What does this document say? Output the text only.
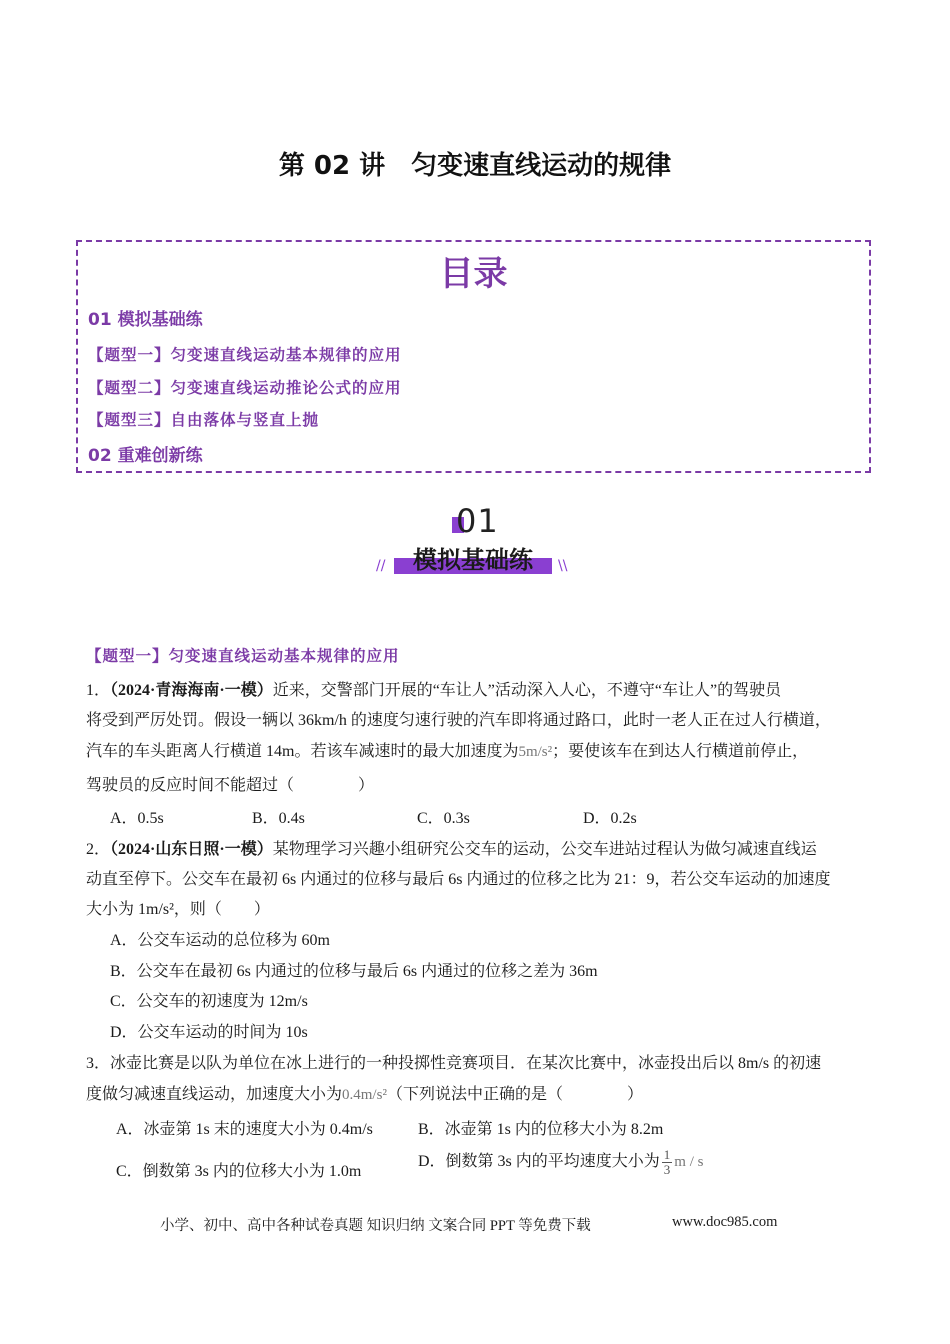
第 02 讲　匀变速直线运动的规律
目录
01 模拟基础练
【题型一】匀变速直线运动基本规律的应用
【题型二】匀变速直线运动推论公式的应用
【题型三】自由落体与竖直上抛
02 重难创新练
01
模拟基础练
//	\\
【题型一】匀变速直线运动基本规律的应用
1．（2024·青海海南·一模）近来，交警部门开展的“车让人”活动深入人心，不遵守“车让人”的驾驶员
将受到严厉处罚。假设一辆以 36km/h 的速度匀速行驶的汽车即将通过路口，此时一老人正在过人行横道，
汽车的车头距离人行横道 14m。若该车减速时的最大加速度为5m/s²；要使该车在到达人行横道前停止，
驾驶员的反应时间不能超过（　　　　）
A．0.5s	B．0.4s	C．0.3s	D．0.2s
2．（2024·山东日照·一模）某物理学习兴趣小组研究公交车的运动，公交车进站过程认为做匀减速直线运
动直至停下。公交车在最初 6s 内通过的位移与最后 6s 内通过的位移之比为 21：9，若公交车运动的加速度
大小为 1m/s²，则（　　）
A．公交车运动的总位移为 60m
B．公交车在最初 6s 内通过的位移与最后 6s 内通过的位移之差为 36m
C．公交车的初速度为 12m/s
D．公交车运动的时间为 10s
3．冰壶比赛是以队为单位在冰上进行的一种投掷性竞赛项目．在某次比赛中，冰壶投出后以 8m/s 的初速
度做匀减速直线运动，加速度大小为0.4m/s²（下列说法中正确的是（　　　　）
A．冰壶第 1s 末的速度大小为 0.4m/s	B．冰壶第 1s 内的位移大小为 8.2m
C．倒数第 3s 内的位移大小为 1.0m
D．倒数第 3s 内的平均速度大小为 $\frac{1}{3}$ m / s
小学、初中、高中各种试卷真题 知识归纳 文案合同 PPT 等免费下载	www.doc985.com
